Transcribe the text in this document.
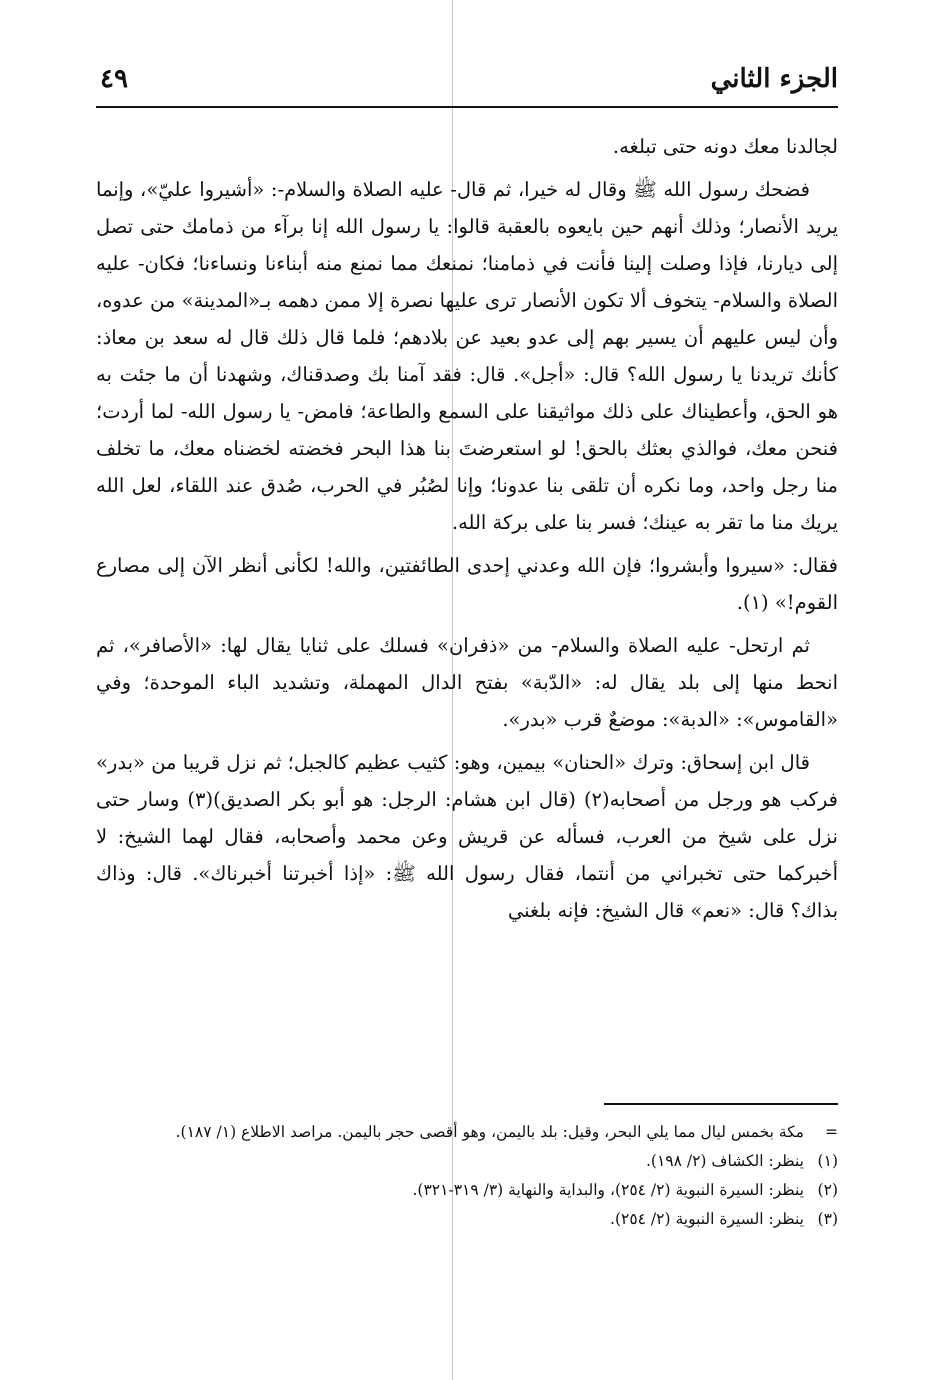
الجزء الثاني
٤٩

لجالدنا معك دونه حتى تبلغه.

فضحك رسول الله ﷺ وقال له خيرا، ثم قال- عليه الصلاة والسلام-: «أشيروا عليّ»، وإنما يريد الأنصار؛ وذلك أنهم حين بايعوه بالعقبة قالوا: يا رسول الله إنا برآء من ذمامك حتى تصل إلى ديارنا، فإذا وصلت إلينا فأنت في ذمامنا؛ نمنعك مما نمنع منه أبناءنا ونساءنا؛ فكان- عليه الصلاة والسلام- يتخوف ألا تكون الأنصار ترى عليها نصرة إلا ممن دهمه بـ«المدينة» من عدوه، وأن ليس عليهم أن يسير بهم إلى عدو بعيد عن بلادهم؛ فلما قال ذلك قال له سعد بن معاذ: كأنك تريدنا يا رسول الله؟ قال: «أجل». قال: فقد آمنا بك وصدقناك، وشهدنا أن ما جئت به هو الحق، وأعطيناك على ذلك مواثيقنا على السمع والطاعة؛ فامض- يا رسول الله- لما أردت؛ فنحن معك، فوالذي بعثك بالحق! لو استعرضتَ بنا هذا البحر فخضته لخضناه معك، ما تخلف منا رجل واحد، وما نكره أن تلقى بنا عدونا؛ وإنا لصُبُر في الحرب، صُدق عند اللقاء، لعل الله يريك منا ما تقر به عينك؛ فسر بنا على بركة الله.

فقال: «سيروا وأبشروا؛ فإن الله وعدني إحدى الطائفتين، والله! لكأنى أنظر الآن إلى مصارع القوم!» (١).

ثم ارتحل- عليه الصلاة والسلام- من «ذفران» فسلك على ثنايا يقال لها: «الأصافر»، ثم انحط منها إلى بلد يقال له: «الدّبة» بفتح الدال المهملة، وتشديد الباء الموحدة؛ وفي «القاموس»: «الدبة»: موضعٌ قرب «بدر».

قال ابن إسحاق: وترك «الحنان» بيمين، وهو: كثيب عظيم كالجبل؛ ثم نزل قريبا من «بدر» فركب هو ورجل من أصحابه(٢) (قال ابن هشام: الرجل: هو أبو بكر الصديق)(٣) وسار حتى نزل على شيخ من العرب، فسأله عن قريش وعن محمد وأصحابه، فقال لهما الشيخ: لا أخبركما حتى تخبراني من أنتما، فقال رسول الله ﷺ: «إذا أخبرتنا أخبرناك». قال: وذاك بذاك؟ قال: «نعم» قال الشيخ: فإنه بلغني

=
مكة بخمس ليال مما يلي البحر، وقيل: بلد باليمن، وهو أقصى حجر باليمن. مراصد الاطلاع (١/ ١٨٧).

(١)
ينظر: الكشاف (٢/ ١٩٨).

(٢)
ينظر: السيرة النبوية (٢/ ٢٥٤)، والبداية والنهاية (٣/ ٣١٩-٣٢١).

(٣)
ينظر: السيرة النبوية (٢/ ٢٥٤).
